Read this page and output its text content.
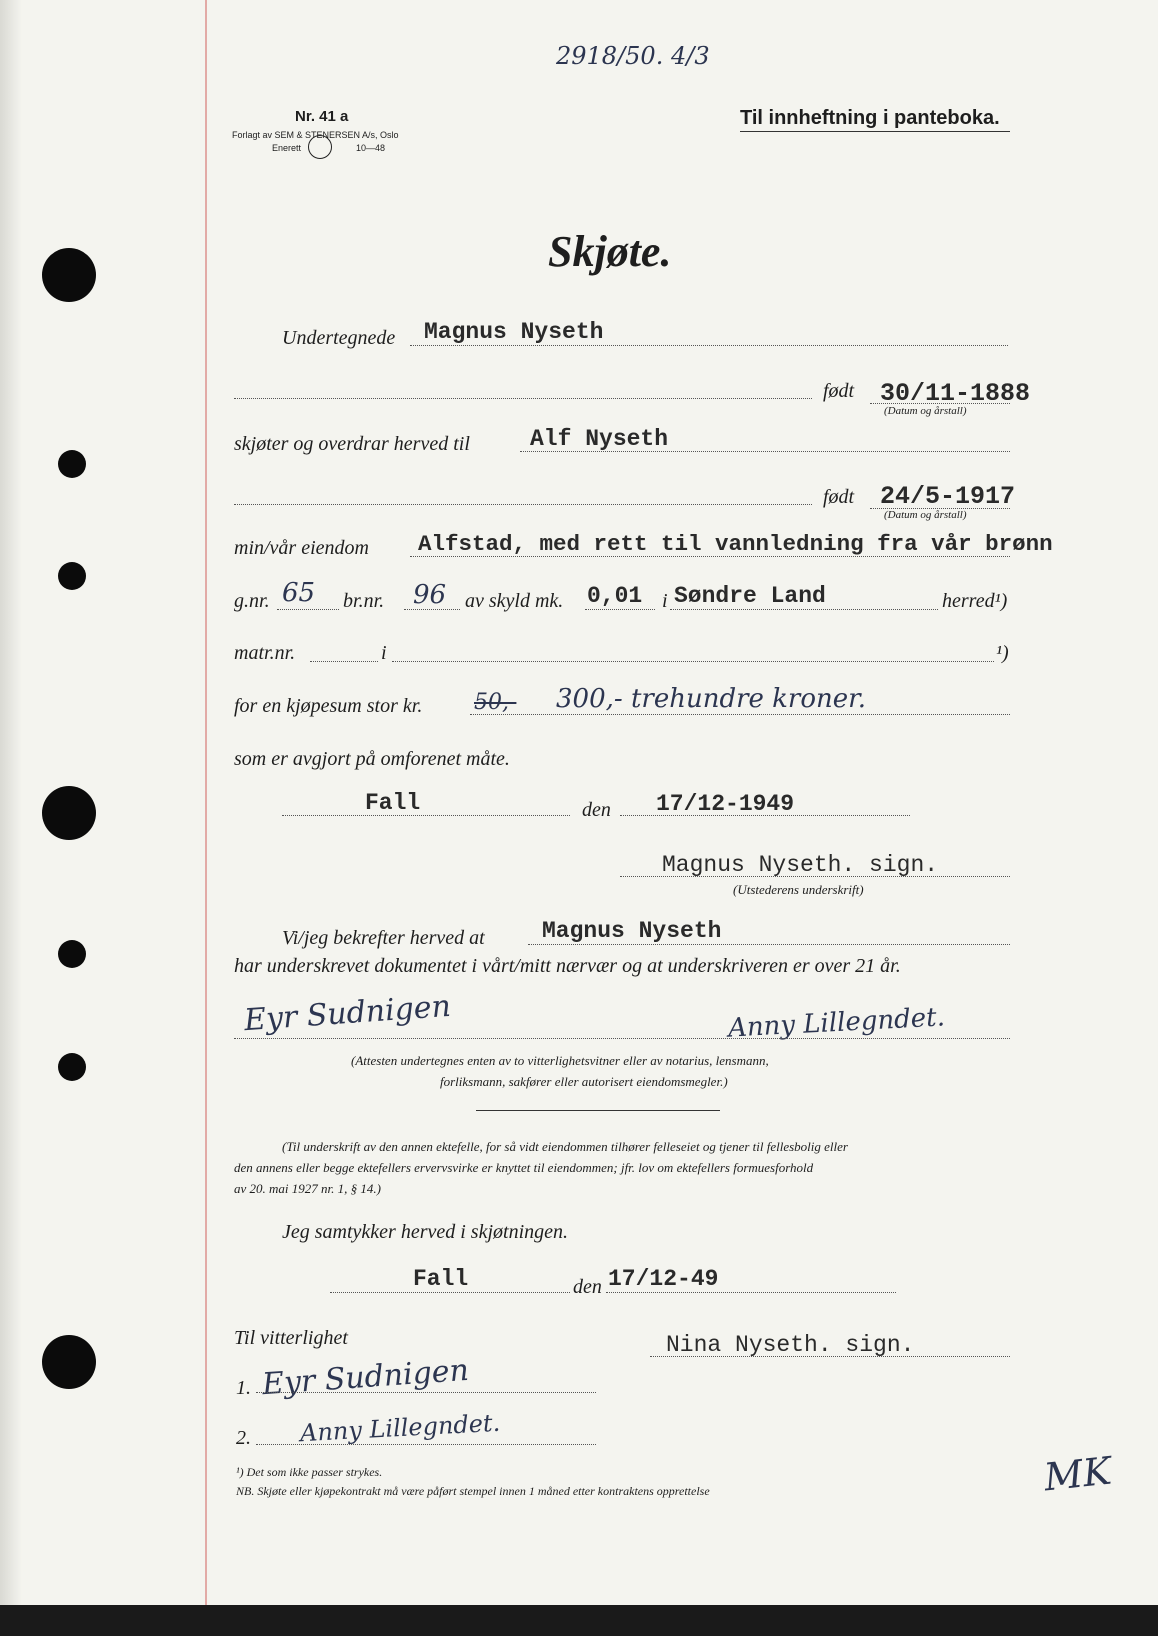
2918/50. 4/3
Nr. 41 a
Forlagt av SEM & STENERSEN A/s, Oslo
Enerett	10—48
Til innheftning i panteboka.
Skjøte.
Undertegnede Magnus Nyseth
født 30/11-1888
(Datum og årstall)
skjøter og overdrar herved til	Alf Nyseth
født 24/5-1917
(Datum og årstall)
min/vår eiendom Alfstad, med rett til vannledning fra vår brønn
g.nr. 65 br.nr. 96 av skyld mk. 0,01 i Søndre Land	herred¹)
matr.nr.	i	¹)
for en kjøpesum stor kr. 50,- 300,- trehundre kroner.
som er avgjort på omforenet måte.
Fall	den 17/12-1949
Magnus Nyseth. sign.
(Utstederens underskrift)
Vi/jeg bekrefter herved at Magnus Nyseth
har underskrevet dokumentet i vårt/mitt nærvær og at underskriveren er over 21 år.
Eyr Sudnigen	Anny Lillegndet.
(Attesten undertegnes enten av to vitterlighetsvitner eller av notarius, lensmann,
forliksmann, sakfører eller autorisert eiendomsmegler.)
(Til underskrift av den annen ektefelle, for så vidt eiendommen tilhører felleseiet og tjener til fellesbolig eller
den annens eller begge ektefellers ervervsvirke er knyttet til eiendommen; jfr. lov om ektefellers formuesforhold
av 20. mai 1927 nr. 1, § 14.)
Jeg samtykker herved i skjøtningen.
Fall	den 17/12-49
Nina Nyseth. sign.
Til vitterlighet
1. Eyr Sudnigen
2. Anny Lillegndet.
¹) Det som ikke passer strykes.
NB. Skjøte eller kjøpekontrakt må være påført stempel innen 1 måned etter kontraktens opprettelse	MK
